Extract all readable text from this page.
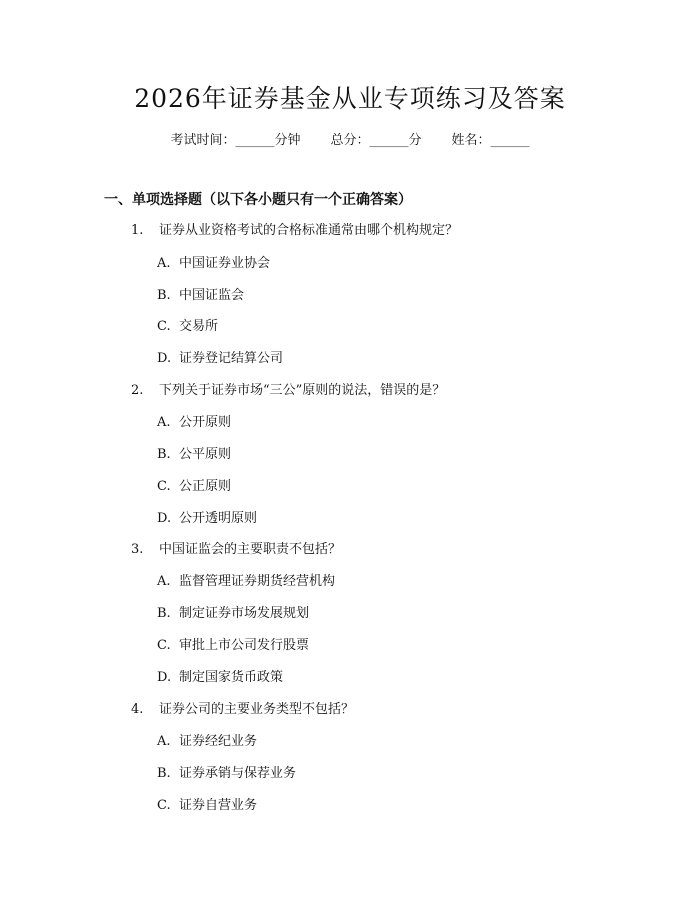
2026年证券基金从业专项练习及答案
考试时间：______分钟 总分：______分 姓名：______
一、单项选择题（以下各小题只有一个正确答案）
1. 证券从业资格考试的合格标准通常由哪个机构规定？
A. 中国证券业协会
B. 中国证监会
C. 交易所
D. 证券登记结算公司
2. 下列关于证券市场“三公”原则的说法，错误的是？
A. 公开原则
B. 公平原则
C. 公正原则
D. 公开透明原则
3. 中国证监会的主要职责不包括？
A. 监督管理证券期货经营机构
B. 制定证券市场发展规划
C. 审批上市公司发行股票
D. 制定国家货币政策
4. 证券公司的主要业务类型不包括？
A. 证券经纪业务
B. 证券承销与保荐业务
C. 证券自营业务
